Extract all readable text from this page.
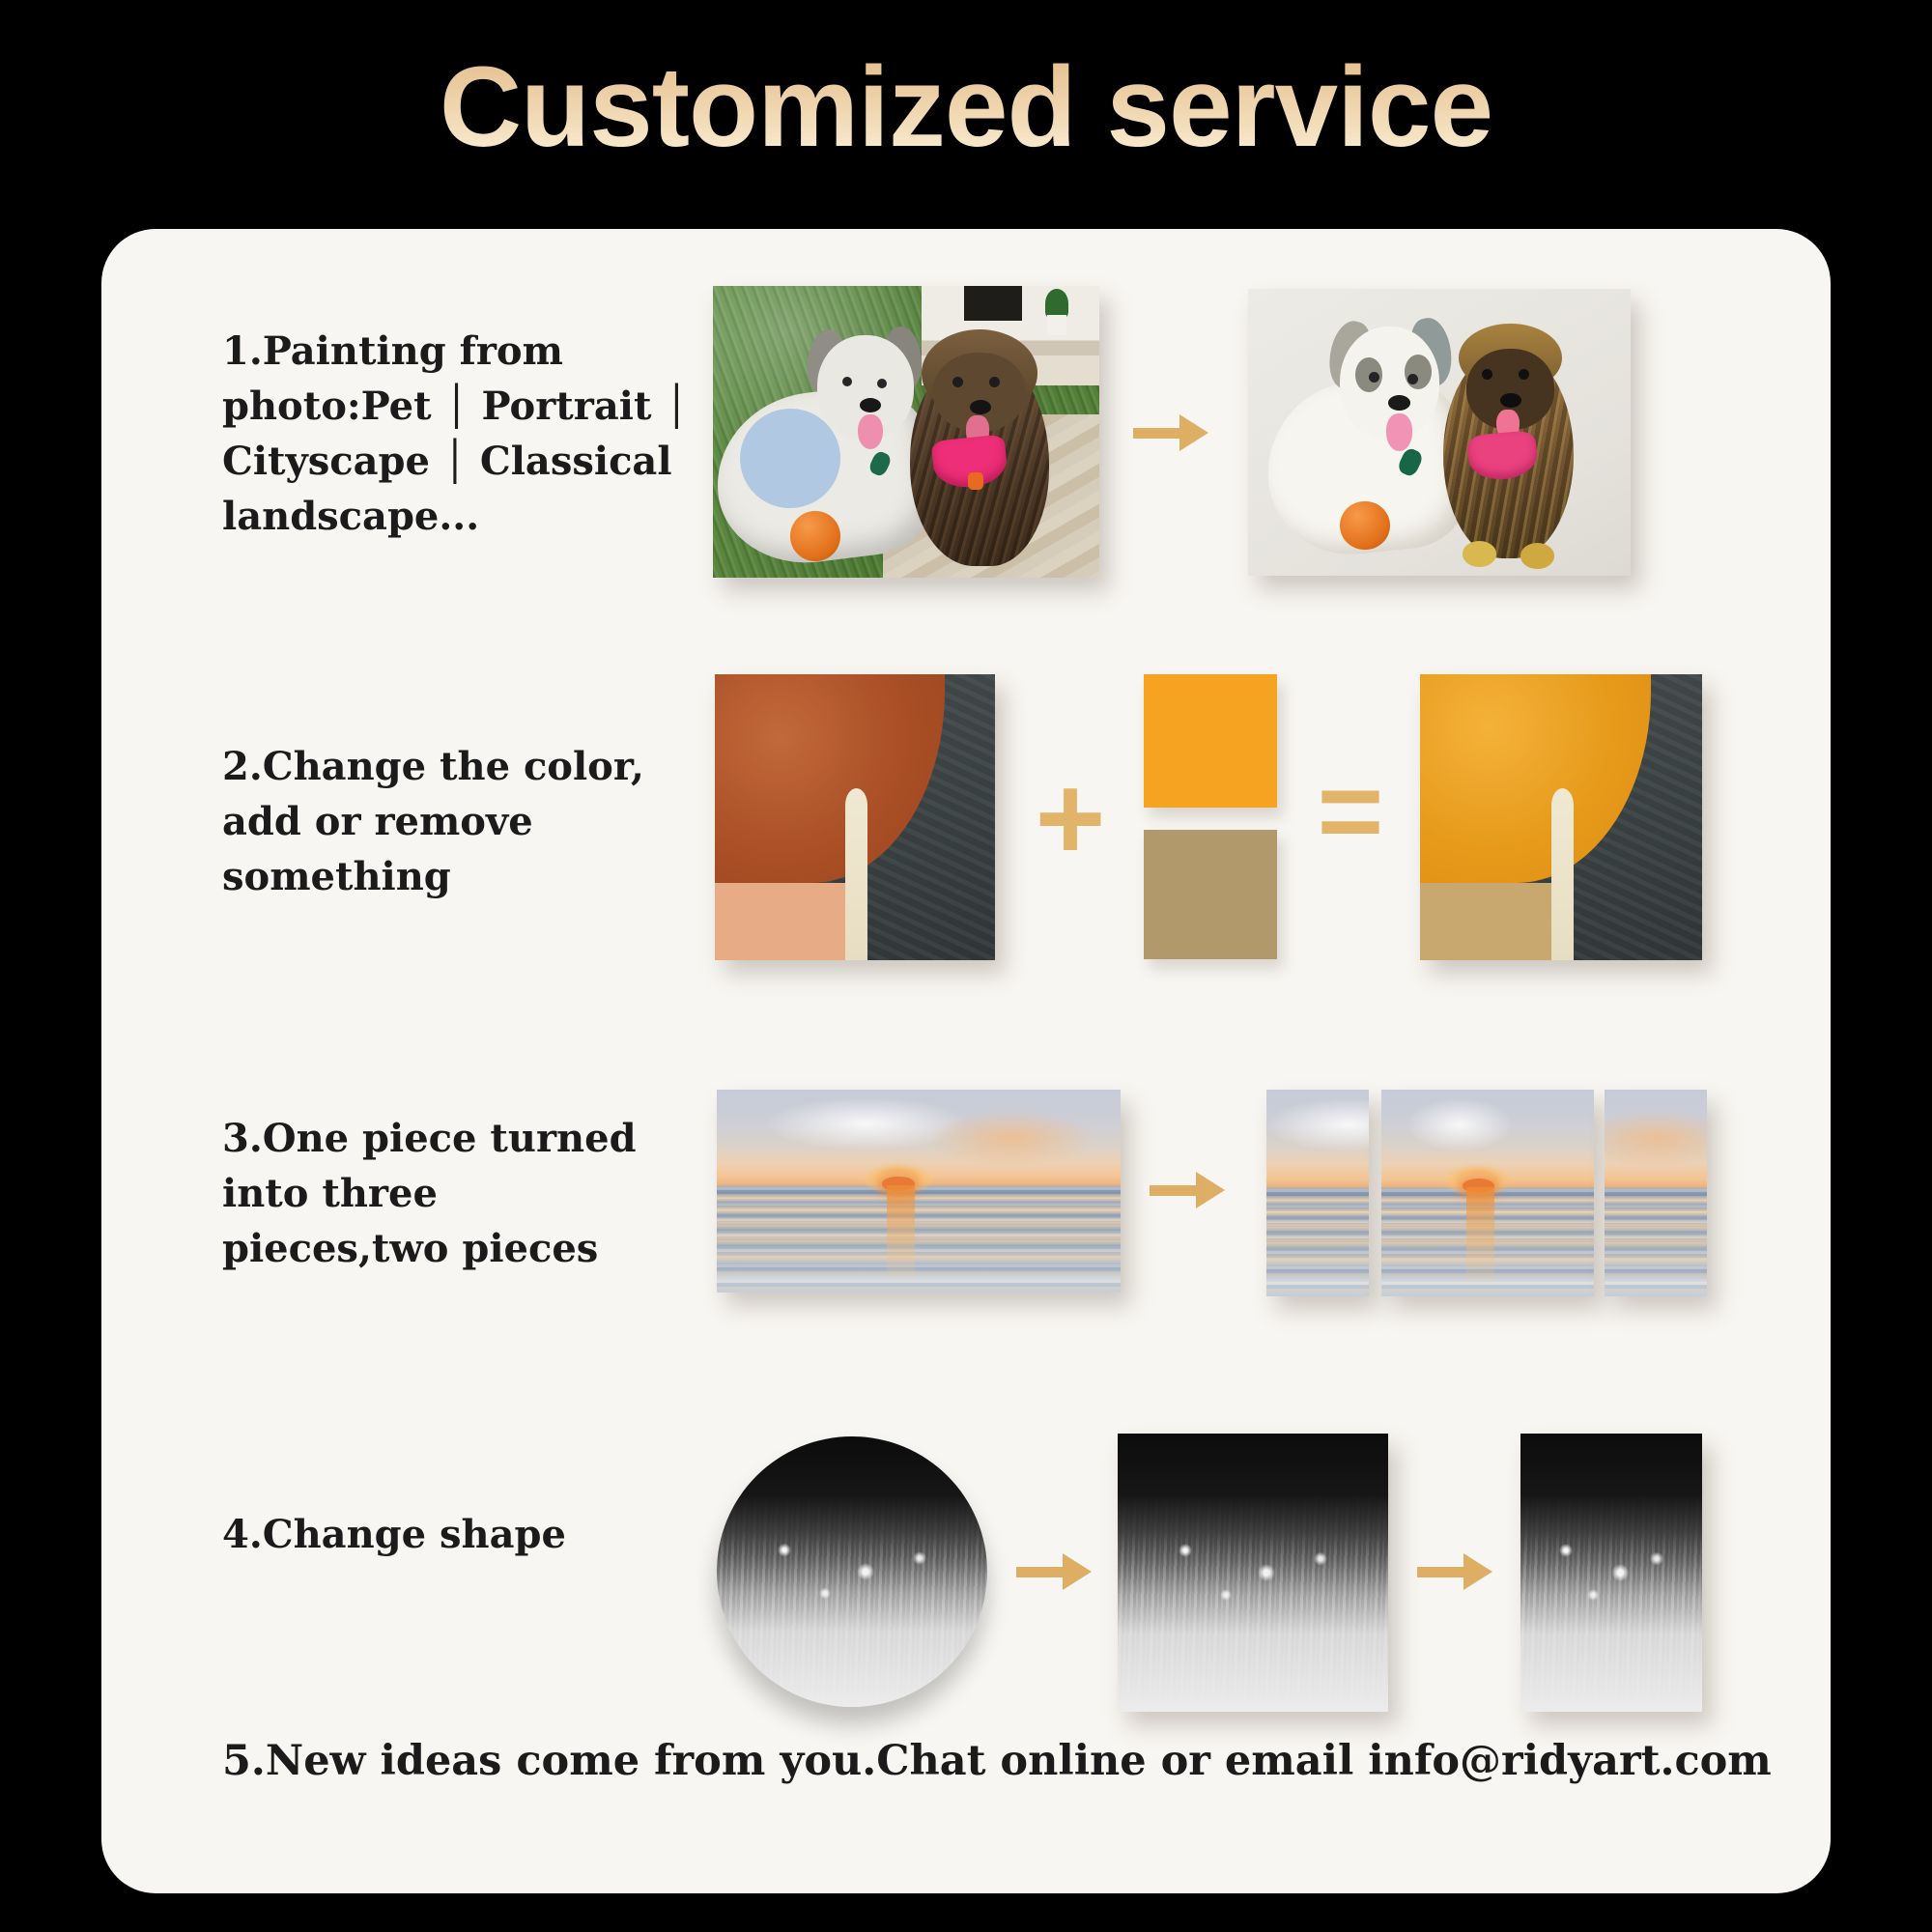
Customized service
1.Painting from
photo:Pet │ Portrait │
Cityscape │ Classical
landscape...
2.Change the color,
add or remove
something	+ =
3.One piece turned
into three
pieces,two pieces
4.Change shape
5.New ideas come from you.Chat online or email info@ridyart.com
